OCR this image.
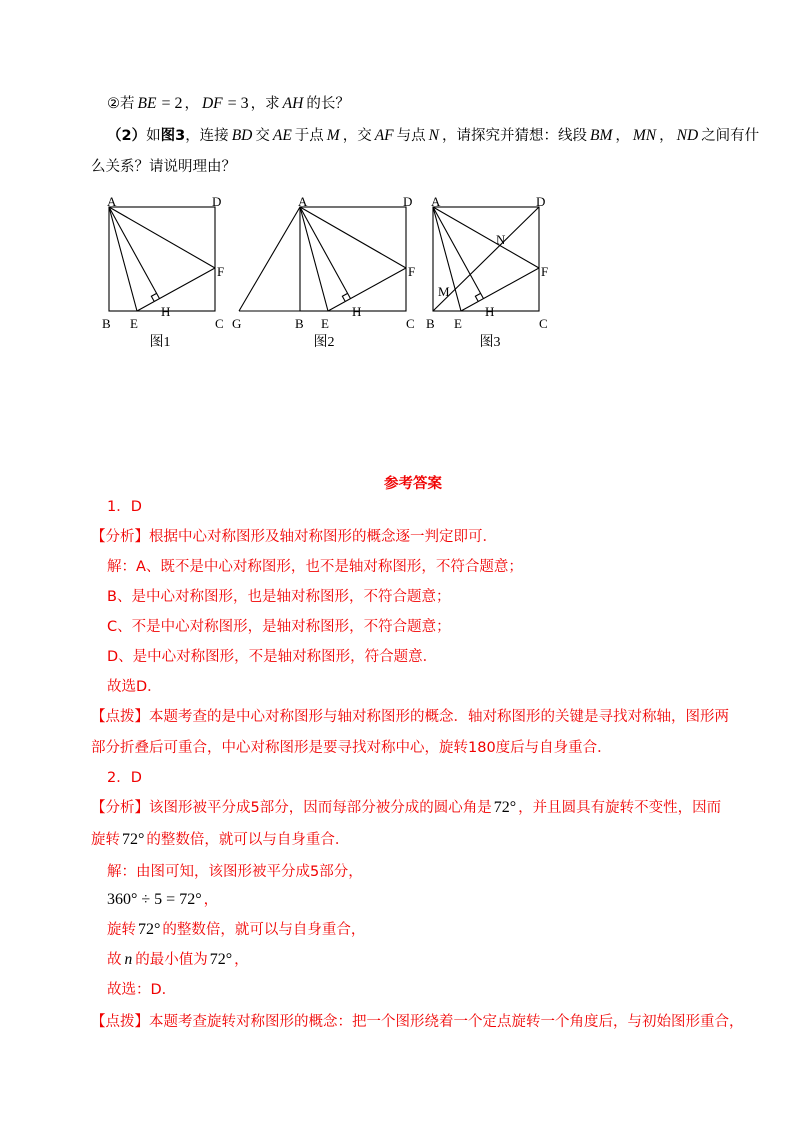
②若 BE = 2 ， DF = 3 ，求 AH 的长？
（2） 如 图3 ，连接 BD 交 AE 于点 M ，交 AF 与点 N ，请探究并猜想：线段 BM ， MN ， ND 之间有什
么关系？请说明理由？
A	D
F
H
B E	C
图1
A	D
F
H
G	B E	C
图2
A	D
N
F
M
H
B E	C
图3
参考答案
1．D
【分析】根据中心对称图形及轴对称图形的概念逐一判定即可．
解：A、既不是中心对称图形，也不是轴对称图形，不符合题意；
B、是中心对称图形，也是轴对称图形，不符合题意；
C、不是中心对称图形，是轴对称图形，不符合题意；
D、是中心对称图形，不是轴对称图形，符合题意．
故选D．
【点拨】本题考查的是中心对称图形与轴对称图形的概念．轴对称图形的关键是寻找对称轴，图形两
部分折叠后可重合，中心对称图形是要寻找对称中心，旋转180度后与自身重合．
2．D
【分析】该图形被平分成5部分，因而每部分被分成的圆心角是 72° ，并且圆具有旋转不变性，因而
旋转 72° 的整数倍，就可以与自身重合．
解：由图可知，该图形被平分成5部分，
360° ÷ 5 = 72° ，
旋转 72° 的整数倍，就可以与自身重合，
故 n 的最小值为 72° ，
故选：D．
【点拨】本题考查旋转对称图形的概念：把一个图形绕着一个定点旋转一个角度后，与初始图形重合，
